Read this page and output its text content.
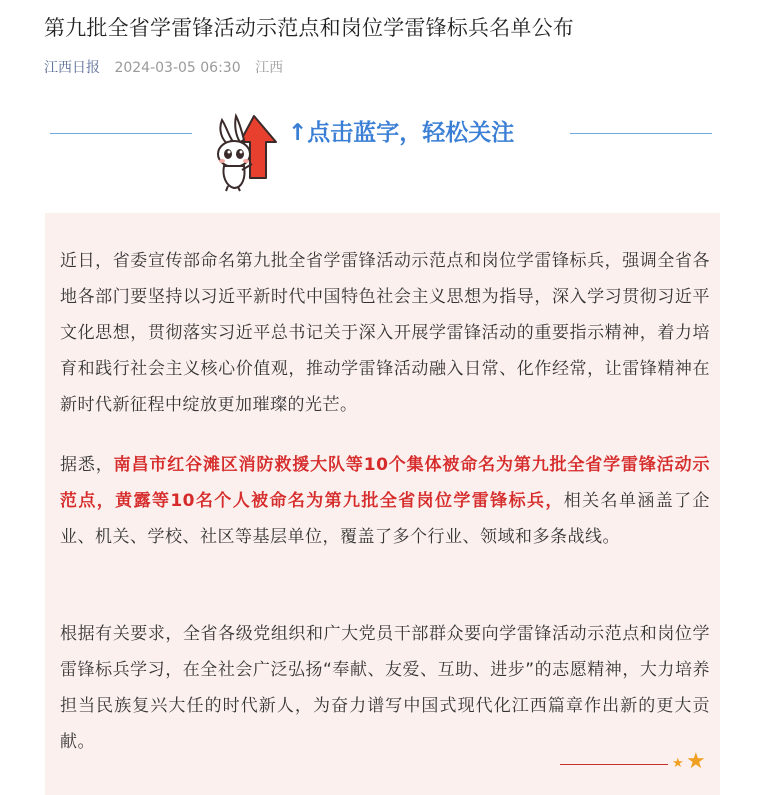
第九批全省学雷锋活动示范点和岗位学雷锋标兵名单公布
江西日报 2024-03-05 06:30 江西
↑点击蓝字，轻松关注

近日，省委宣传部命名第九批全省学雷锋活动示范点和岗位学雷锋标兵，强调全省各地各部门要坚持以习近平新时代中国特色社会主义思想为指导，深入学习贯彻习近平文化思想，贯彻落实习近平总书记关于深入开展学雷锋活动的重要指示精神，着力培育和践行社会主义核心价值观，推动学雷锋活动融入日常、化作经常，让雷锋精神在新时代新征程中绽放更加璀璨的光芒。

据悉，南昌市红谷滩区消防救援大队等10个集体被命名为第九批全省学雷锋活动示范点，黄露等10名个人被命名为第九批全省岗位学雷锋标兵，相关名单涵盖了企业、机关、学校、社区等基层单位，覆盖了多个行业、领域和多条战线。

根据有关要求，全省各级党组织和广大党员干部群众要向学雷锋活动示范点和岗位学雷锋标兵学习，在全社会广泛弘扬“奉献、友爱、互助、进步”的志愿精神，大力培养担当民族复兴大任的时代新人，为奋力谱写中国式现代化江西篇章作出新的更大贡献。

★ ★
